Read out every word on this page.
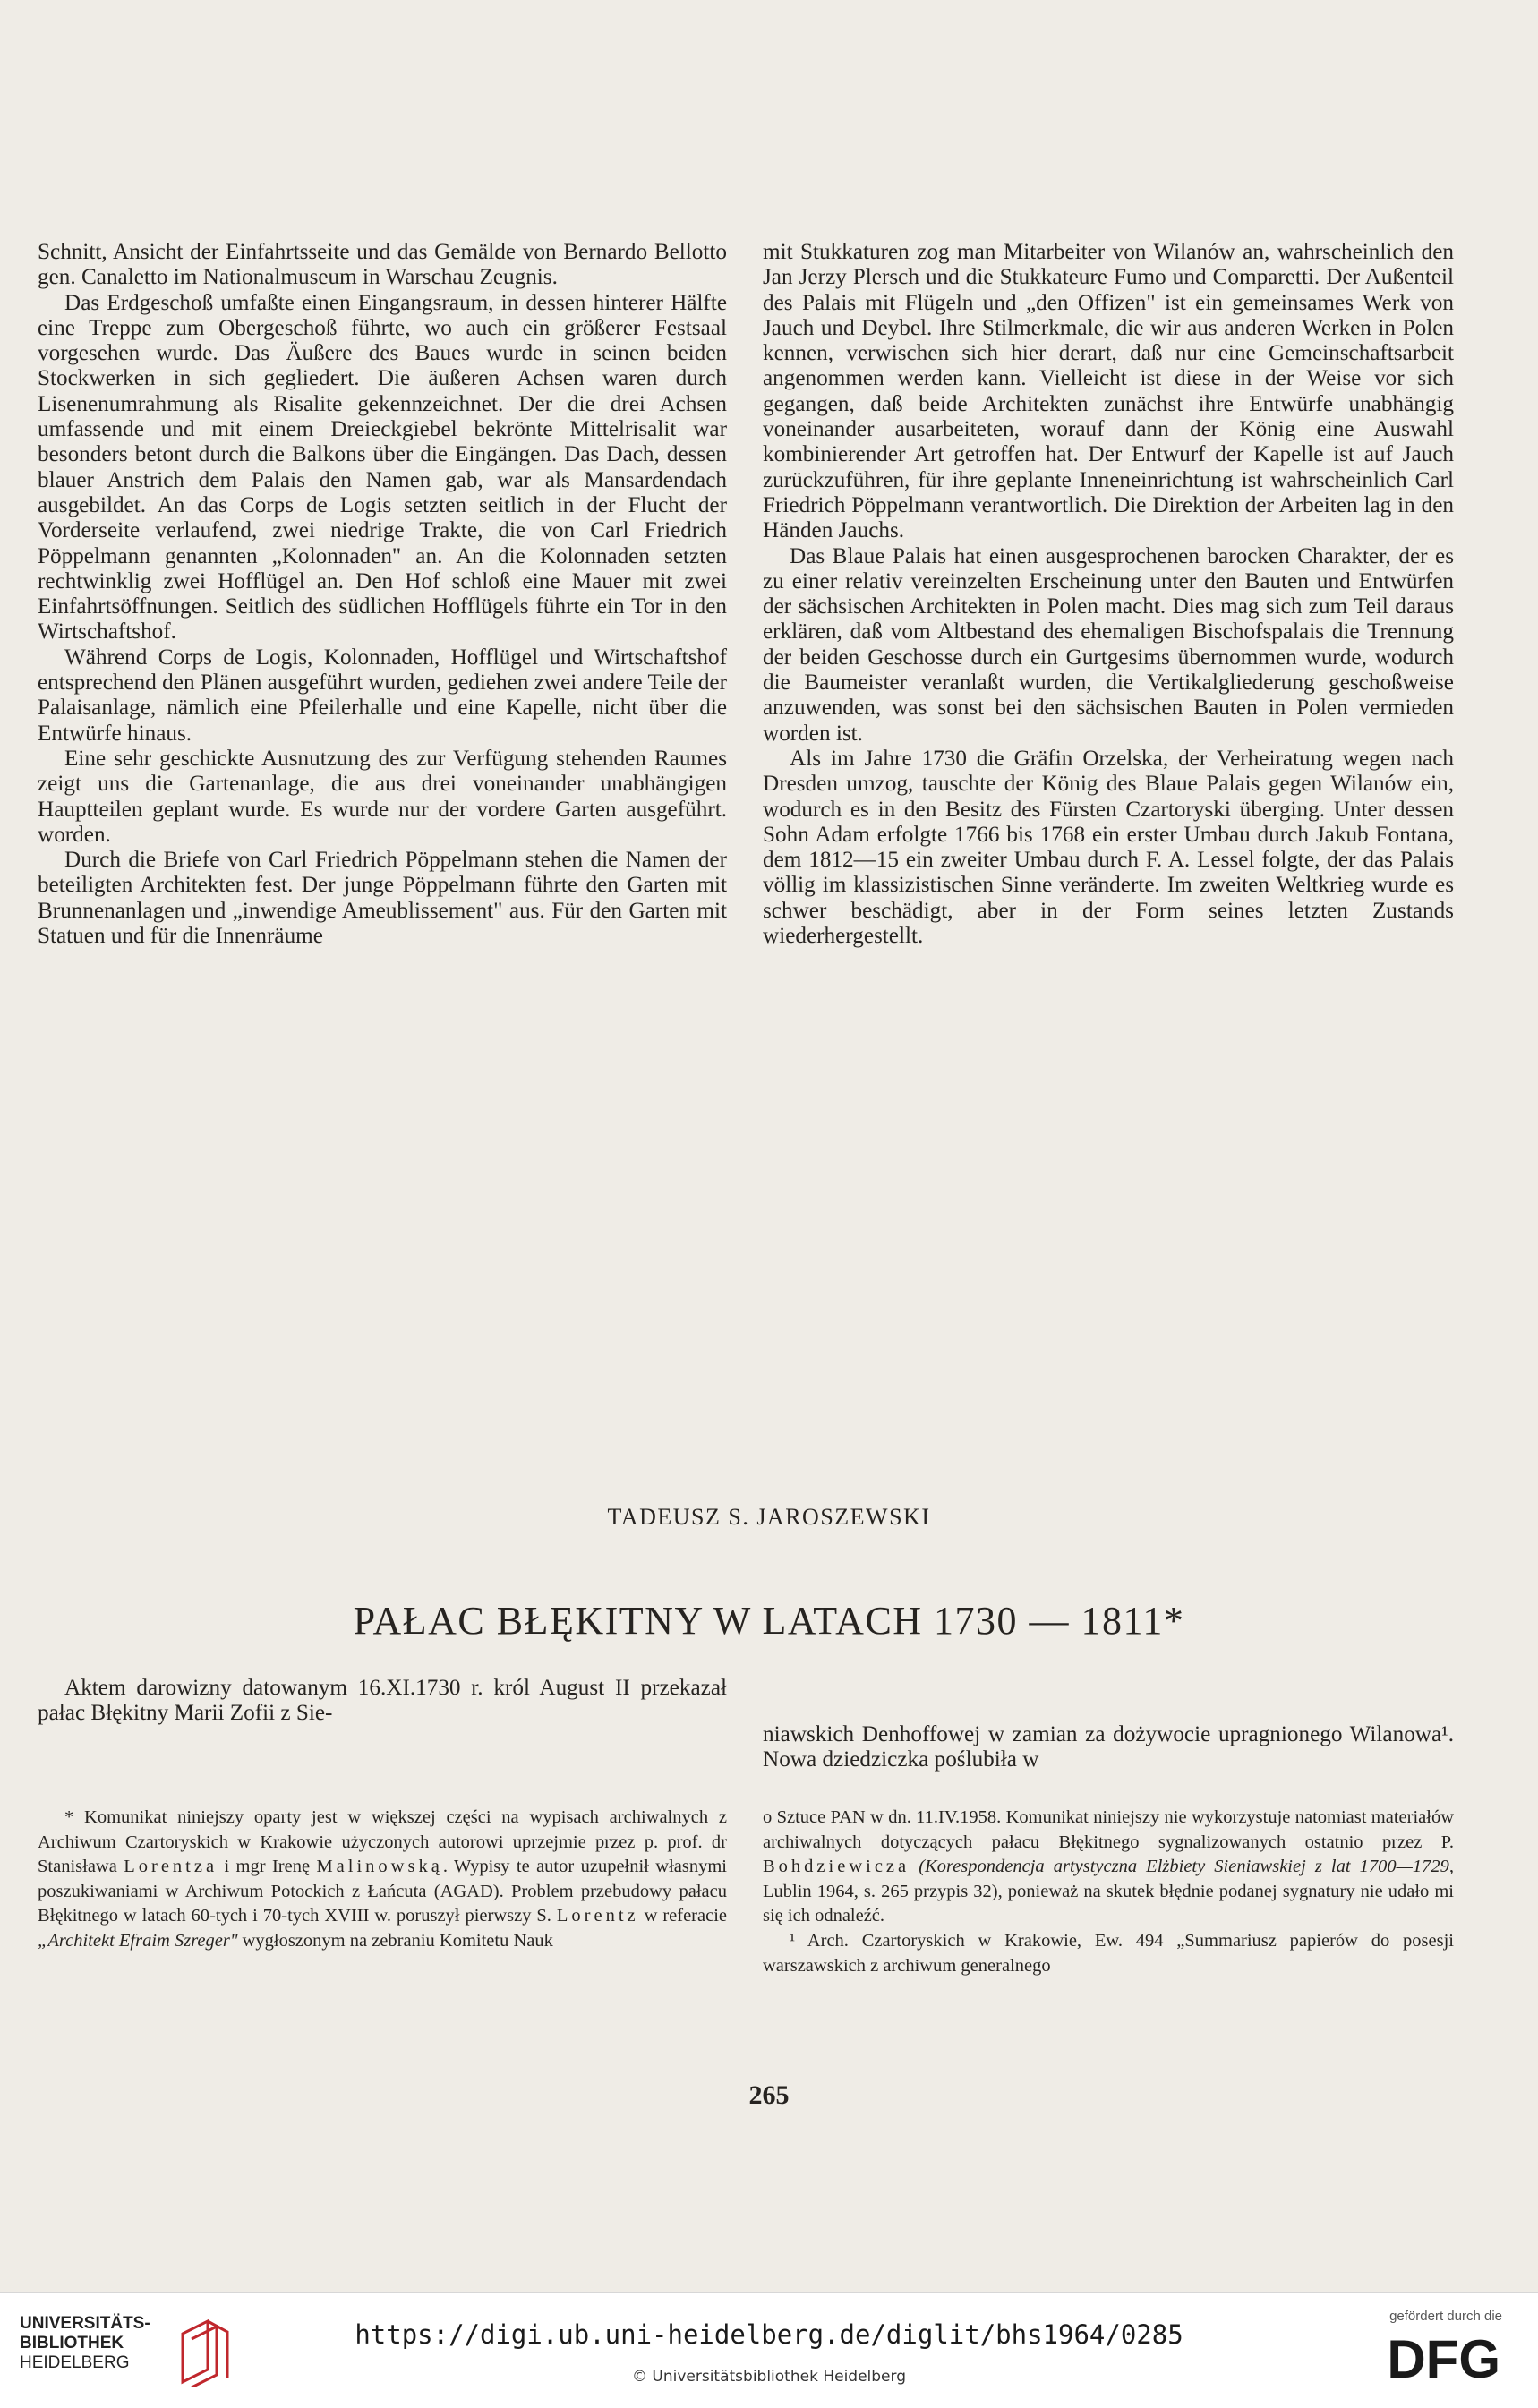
Schnitt, Ansicht der Einfahrtsseite und das Gemälde von Bernardo Bellotto gen. Canaletto im Nationalmuseum in Warschau Zeugnis.

Das Erdgeschoß umfaßte einen Eingangsraum, in dessen hinterer Hälfte eine Treppe zum Obergeschoß führte, wo auch ein größerer Festsaal vorgesehen wurde. Das Äußere des Baues wurde in seinen beiden Stockwerken in sich gegliedert. Die äußeren Achsen waren durch Lisenenumrahmung als Risalite gekennzeichnet. Der die drei Achsen umfassende und mit einem Dreieckgiebel bekrönte Mittelrisalit war besonders betont durch die Balkons über die Eingängen. Das Dach, dessen blauer Anstrich dem Palais den Namen gab, war als Mansardendach ausgebildet. An das Corps de Logis setzten seitlich in der Flucht der Vorderseite verlaufend, zwei niedrige Trakte, die von Carl Friedrich Pöppelmann genannten „Kolonnaden" an. An die Kolonnaden setzten rechtwinklig zwei Hofflügel an. Den Hof schloß eine Mauer mit zwei Einfahrtsöffnungen. Seitlich des südlichen Hofflügels führte ein Tor in den Wirtschaftshof.

Während Corps de Logis, Kolonnaden, Hofflügel und Wirtschaftshof entsprechend den Plänen ausgeführt wurden, gediehen zwei andere Teile der Palaisanlage, nämlich eine Pfeilerhalle und eine Kapelle, nicht über die Entwürfe hinaus.

Eine sehr geschickte Ausnutzung des zur Verfügung stehenden Raumes zeigt uns die Gartenanlage, die aus drei voneinander unabhängigen Hauptteilen geplant wurde. Es wurde nur der vordere Garten ausgeführt. worden.

Durch die Briefe von Carl Friedrich Pöppelmann stehen die Namen der beteiligten Architekten fest. Der junge Pöppelmann führte den Garten mit Brunnenanlagen und „inwendige Ameublissement" aus. Für den Garten mit Statuen und für die Innenräume

mit Stukkaturen zog man Mitarbeiter von Wilanów an, wahrscheinlich den Jan Jerzy Plersch und die Stukkateure Fumo und Comparetti. Der Außenteil des Palais mit Flügeln und „den Offizen" ist ein gemeinsames Werk von Jauch und Deybel. Ihre Stilmerkmale, die wir aus anderen Werken in Polen kennen, verwischen sich hier derart, daß nur eine Gemeinschaftsarbeit angenommen werden kann. Vielleicht ist diese in der Weise vor sich gegangen, daß beide Architekten zunächst ihre Entwürfe unabhängig voneinander ausarbeiteten, worauf dann der König eine Auswahl kombinierender Art getroffen hat. Der Entwurf der Kapelle ist auf Jauch zurückzuführen, für ihre geplante Inneneinrichtung ist wahrscheinlich Carl Friedrich Pöppelmann verantwortlich. Die Direktion der Arbeiten lag in den Händen Jauchs.

Das Blaue Palais hat einen ausgesprochenen barocken Charakter, der es zu einer relativ vereinzelten Erscheinung unter den Bauten und Entwürfen der sächsischen Architekten in Polen macht. Dies mag sich zum Teil daraus erklären, daß vom Altbestand des ehemaligen Bischofspalais die Trennung der beiden Geschosse durch ein Gurtgesims übernommen wurde, wodurch die Baumeister veranlaßt wurden, die Vertikalgliederung geschoßweise anzuwenden, was sonst bei den sächsischen Bauten in Polen vermieden worden ist.

Als im Jahre 1730 die Gräfin Orzelska, der Verheiratung wegen nach Dresden umzog, tauschte der König des Blaue Palais gegen Wilanów ein, wodurch es in den Besitz des Fürsten Czartoryski überging. Unter dessen Sohn Adam erfolgte 1766 bis 1768 ein erster Umbau durch Jakub Fontana, dem 1812—15 ein zweiter Umbau durch F. A. Lessel folgte, der das Palais völlig im klassizistischen Sinne veränderte. Im zweiten Weltkrieg wurde es schwer beschädigt, aber in der Form seines letzten Zustands wiederhergestellt.

TADEUSZ S. JAROSZEWSKI
PAŁAC BŁĘKITNY W LATACH 1730 — 1811*

Aktem darowizny datowanym 16.XI.1730 r. król August II przekazał pałac Błękitny Marii Zofii z Sie-

niawskich Denhoffowej w zamian za dożywocie upragnionego Wilanowa¹. Nowa dziedziczka poślubiła w

* Komunikat niniejszy oparty jest w większej części na wypisach archiwalnych z Archiwum Czartoryskich w Krakowie użyczonych autorowi uprzejmie przez p. prof. dr Stanisława Lorentza i mgr Irenę Malinowską. Wypisy te autor uzupełnił własnymi poszukiwaniami w Archiwum Potockich z Łańcuta (AGAD). Problem przebudowy pałacu Błękitnego w latach 60-tych i 70-tych XVIII w. poruszył pierwszy S. Lorentz w referacie „Architekt Efraim Szreger" wygłoszonym na zebraniu Komitetu Nauk

o Sztuce PAN w dn. 11.IV.1958. Komunikat niniejszy nie wykorzystuje natomiast materiałów archiwalnych dotyczących pałacu Błękitnego sygnalizowanych ostatnio przez P. Bohdziewicza (Korespondencja artystyczna Elżbiety Sieniawskiej z lat 1700—1729, Lublin 1964, s. 265 przypis 32), ponieważ na skutek błędnie podanej sygnatury nie udało mi się ich odnaleźć.

¹ Arch. Czartoryskich w Krakowie, Ew. 494 „Summariusz papierów do posesji warszawskich z archiwum generalnego

265
UNIVERSITÄTS-
BIBLIOTHEK
HEIDELBERG
https://digi.ub.uni-heidelberg.de/diglit/bhs1964/0285
© Universitätsbibliothek Heidelberg
gefördert durch die
DFG
